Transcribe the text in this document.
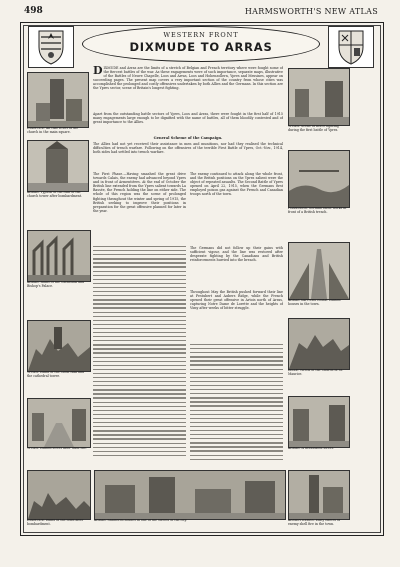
498	HARMSWORTH'S NEW ATLAS
WESTERN FRONT
DIXMUDE TO ARRAS
DIXMUDE. All that is left of the church in the main square.
ARRAS. Typical of the ruin of the church tower after bombardment.
ARRAS. Ruins of the Cathedral and Bishop's Palace.
YPRES. Ruins of the Cloth Hall and the cathedral tower.
YPRES. Ruined street after shell fire.
DIXMUDE. Ruins of the town after bombardment.
YPRES. Scene of fierce fighting during the first battle of Ypres.
FLANDERS. German earth-works in front of a British trench.
ARRAS SAPPERS ROAD. Ruined houses in the town.
LILLE. Wreck of the Church of St. Maurice.
ARRAS. A devastated street.
ARMENTIÈRES. Early effects of enemy shell fire in the town.
ARRAS. Shattered houses in one of the streets of the city.
DIXMUDE and Arras are the limits of a stretch of Belgian and French territory where were fought some of the fiercest battles of the war. As these engagements were of such importance, separate maps, illustrative of the Battles of Neuve Chapelle, Loos and Arras, Loos and Hohenzollern, Ypres and Messines, appear on succeeding pages. The present map covers a very important section of the country from whose cities was accomplished the prolonged and costly offensives undertaken by both Allies and the Germans. In this section are the Ypres sector, scene of Britain's longest fighting.
Apart from the outstanding battle sectors of Ypres, Loos and Arras, there were fought in the first half of 1915 many engagements large enough to be dignified with the name of battles, all of them bloodily contested and of great importance to the Allies.
General Scheme of the Campaign.
The Allies had not yet received their assistance in men and munitions, nor had they realised the technical difficulties of trench warfare. Following on the offensives of the terrible First Battle of Ypres, Oct.-Nov., 1914, both sides had settled into trench warfare.
The First Phase.—Having smashed the great drive towards Calais, the enemy had advanced beyond Ypres and in front of Armentières. At the end of October the British line extended from the Ypres salient towards La Bassée, the French holding the line on either side. The whole of this region was the scene of prolonged fighting throughout the winter and spring of 1915, the British seeking to improve their positions in preparation for the great offensive planned for later in the year.
The enemy continued to attack along the whole front, and the British positions on the Ypres salient were the object of repeated assaults. The Second Battle of Ypres opened on April 22, 1915, when the Germans first employed poison gas against the French and Canadian troops north of the town.
The Germans did not follow up their gains with sufficient vigour, and the line was restored after desperate fighting by the Canadians and British reinforcements hurried into the breach.
Throughout May the British pushed forward their line at Festubert and Aubers Ridge, while the French opened their great offensive in Artois north of Arras, capturing Notre Dame de Lorette and the heights of Vimy after weeks of bitter struggle.
